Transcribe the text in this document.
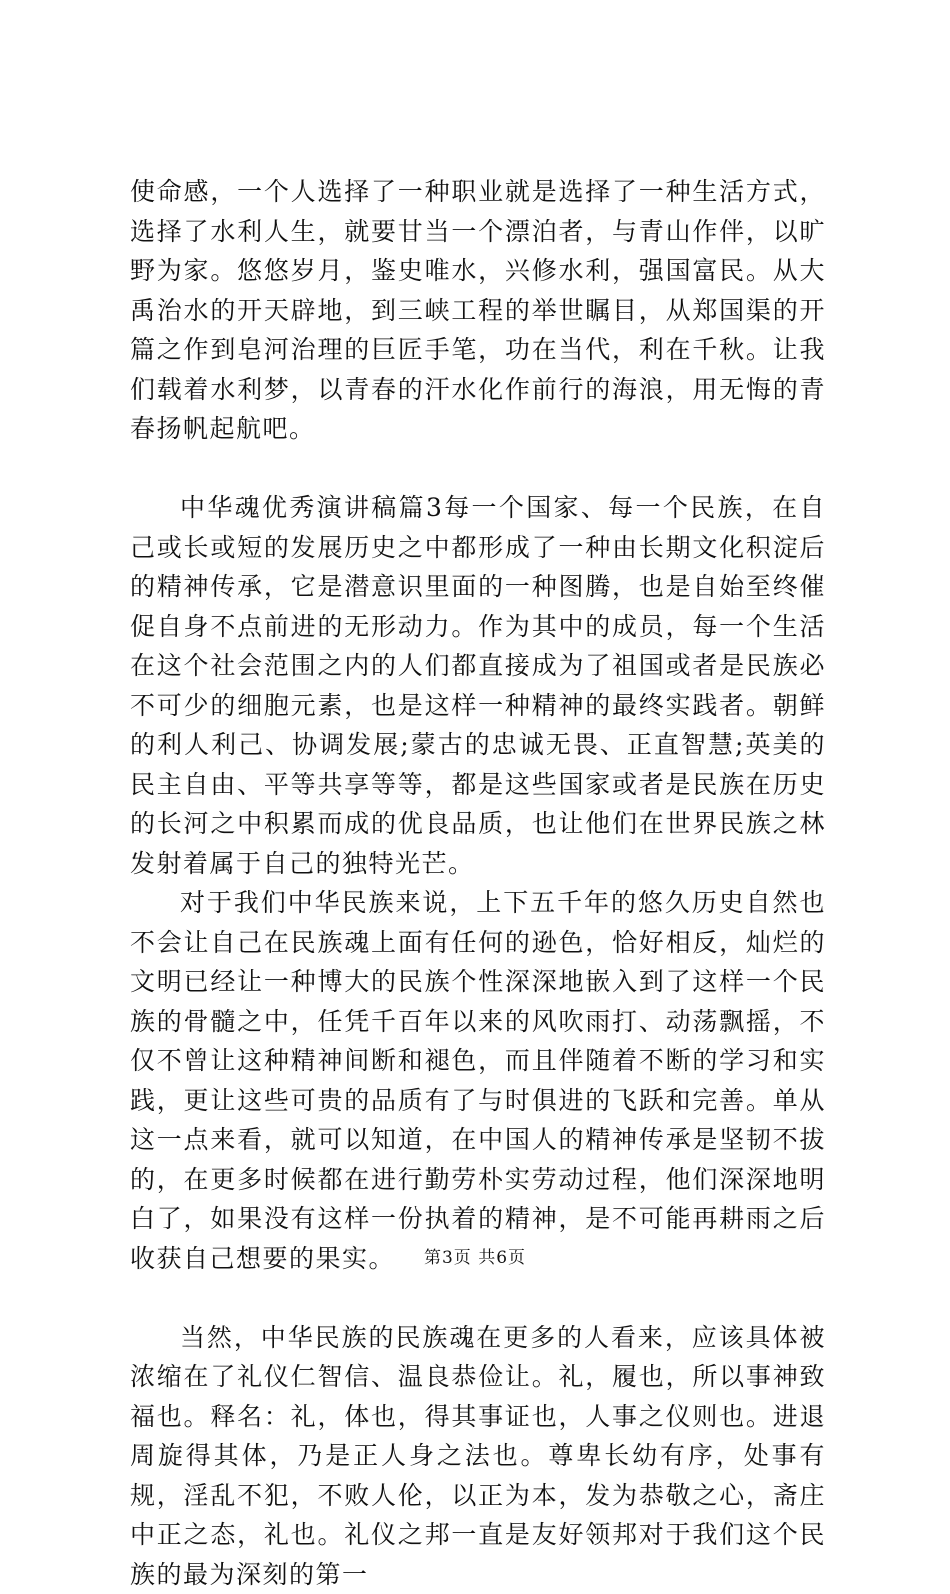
使命感，一个人选择了一种职业就是选择了一种生活方式，选择了水利人生，就要甘当一个漂泊者，与青山作伴，以旷野为家。悠悠岁月，鉴史唯水，兴修水利，强国富民。从大禹治水的开天辟地，到三峡工程的举世瞩目，从郑国渠的开篇之作到皂河治理的巨匠手笔，功在当代，利在千秋。让我们载着水利梦，以青春的汗水化作前行的海浪，用无悔的青春扬帆起航吧。

中华魂优秀演讲稿篇3每一个国家、每一个民族，在自己或长或短的发展历史之中都形成了一种由长期文化积淀后的精神传承，它是潜意识里面的一种图腾，也是自始至终催促自身不点前进的无形动力。作为其中的成员，每一个生活在这个社会范围之内的人们都直接成为了祖国或者是民族必不可少的细胞元素，也是这样一种精神的最终实践者。朝鲜的利人利己、协调发展;蒙古的忠诚无畏、正直智慧;英美的民主自由、平等共享等等，都是这些国家或者是民族在历史的长河之中积累而成的优良品质，也让他们在世界民族之林发射着属于自己的独特光芒。

对于我们中华民族来说，上下五千年的悠久历史自然也不会让自己在民族魂上面有任何的逊色，恰好相反，灿烂的文明已经让一种博大的民族个性深深地嵌入到了这样一个民族的骨髓之中，任凭千百年以来的风吹雨打、动荡飘摇，不仅不曾让这种精神间断和褪色，而且伴随着不断的学习和实践，更让这些可贵的品质有了与时俱进的飞跃和完善。单从这一点来看，就可以知道，在中国人的精神传承是坚韧不拔的，在更多时候都在进行勤劳朴实劳动过程，他们深深地明白了，如果没有这样一份执着的精神，是不可能再耕雨之后收获自己想要的果实。

当然，中华民族的民族魂在更多的人看来，应该具体被浓缩在了礼仪仁智信、温良恭俭让。礼，履也，所以事神致福也。释名：礼，体也，得其事证也，人事之仪则也。进退周旋得其体，乃是正人身之法也。尊卑长幼有序，处事有规，淫乱不犯，不败人伦，以正为本，发为恭敬之心，斋庄中正之态，礼也。礼仪之邦一直是友好领邦对于我们这个民族的最为深刻的第一

第3页 共6页
